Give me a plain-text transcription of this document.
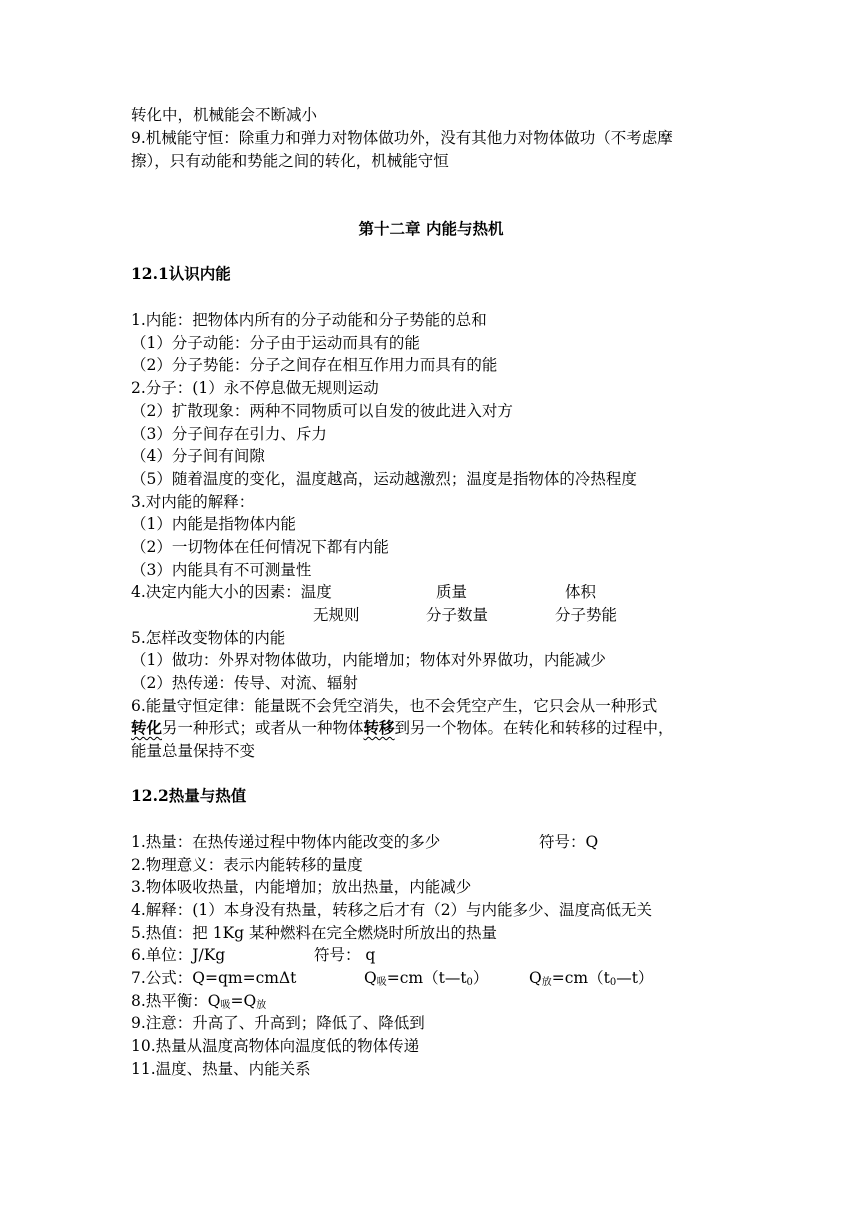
转化中，机械能会不断减小
9.机械能守恒：除重力和弹力对物体做功外，没有其他力对物体做功（不考虑摩
擦），只有动能和势能之间的转化，机械能守恒
第十二章 内能与热机
12.1认识内能
1.内能：把物体内所有的分子动能和分子势能的总和
（1）分子动能：分子由于运动而具有的能
（2）分子势能：分子之间存在相互作用力而具有的能
2.分子：(1）永不停息做无规则运动
（2）扩散现象：两种不同物质可以自发的彼此进入对方
（3）分子间存在引力、斥力
（4）分子间有间隙
（5）随着温度的变化，温度越高，运动越激烈；温度是指物体的冷热程度
3.对内能的解释：
（1）内能是指物体内能
（2）一切物体在任何情况下都有内能
（3）内能具有不可测量性
4.决定内能大小的因素：温度	质量	体积
无规则	分子数量	分子势能
5.怎样改变物体的内能
（1）做功：外界对物体做功，内能增加；物体对外界做功，内能减少
（2）热传递：传导、对流、辐射
6.能量守恒定律：能量既不会凭空消失，也不会凭空产生，它只会从一种形式
转化另一种形式；或者从一种物体转移到另一个物体。在转化和转移的过程中，
能量总量保持不变
12.2热量与热值
1.热量：在热传递过程中物体内能改变的多少	符号：Q
2.物理意义：表示内能转移的量度
3.物体吸收热量，内能增加；放出热量，内能减少
4.解释：(1）本身没有热量，转移之后才有（2）与内能多少、温度高低无关
5.热值：把 1Kg 某种燃料在完全燃烧时所放出的热量
6.单位：J/Kg	符号： q
7.公式：Q=qm=cmΔt	$Q_吸=cm(t—t_0)$	$Q_放=cm(t_0—t)$
8.热平衡：$Q_吸=Q_放$
9.注意：升高了、升高到；降低了、降低到
10.热量从温度高物体向温度低的物体传递
11.温度、热量、内能关系
